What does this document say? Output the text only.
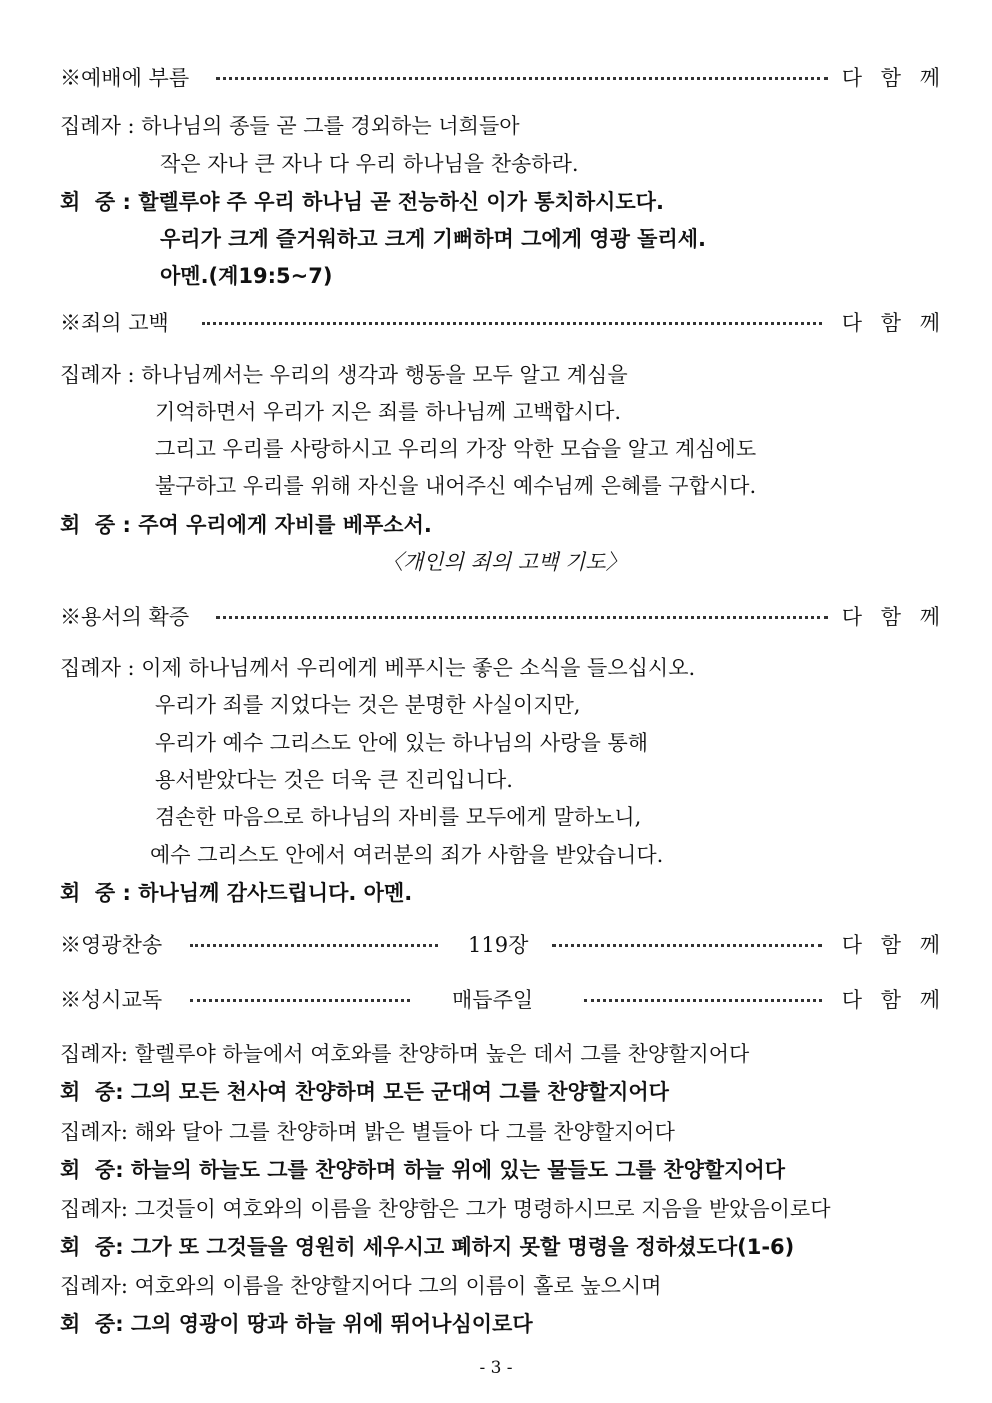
※예배에 부름	다 함 께
집례자 : 하나님의 종들 곧 그를 경외하는 너희들아
작은 자나 큰 자나 다 우리 하나님을 찬송하라.
회  중 : 할렐루야 주 우리 하나님 곧 전능하신 이가 통치하시도다.
우리가 크게 즐거워하고 크게 기뻐하며 그에게 영광 돌리세.
아멘.(계19:5~7)
※죄의 고백	다 함 께
집례자 : 하나님께서는 우리의 생각과 행동을 모두 알고 계심을
기억하면서 우리가 지은 죄를 하나님께 고백합시다.
그리고 우리를 사랑하시고 우리의 가장 악한 모습을 알고 계심에도
불구하고 우리를 위해 자신을 내어주신 예수님께 은혜를 구합시다.
회  중 : 주여 우리에게 자비를 베푸소서.
〈개인의 죄의 고백 기도〉
※용서의 확증	다 함 께
집례자 : 이제 하나님께서 우리에게 베푸시는 좋은 소식을 들으십시오.
우리가 죄를 지었다는 것은 분명한 사실이지만,
우리가 예수 그리스도 안에 있는 하나님의 사랑을 통해
용서받았다는 것은 더욱 큰 진리입니다.
겸손한 마음으로 하나님의 자비를 모두에게 말하노니,
예수 그리스도 안에서 여러분의 죄가 사함을 받았습니다.
회  중 : 하나님께 감사드립니다. 아멘.
※영광찬송	119장	다 함 께
※성시교독	매듭주일	다 함 께
집례자: 할렐루야 하늘에서 여호와를 찬양하며 높은 데서 그를 찬양할지어다
회  중: 그의 모든 천사여 찬양하며 모든 군대여 그를 찬양할지어다
집례자: 해와 달아 그를 찬양하며 밝은 별들아 다 그를 찬양할지어다
회  중: 하늘의 하늘도 그를 찬양하며 하늘 위에 있는 물들도 그를 찬양할지어다
집례자: 그것들이 여호와의 이름을 찬양함은 그가 명령하시므로 지음을 받았음이로다
회  중: 그가 또 그것들을 영원히 세우시고 폐하지 못할 명령을 정하셨도다(1-6)
집례자: 여호와의 이름을 찬양할지어다 그의 이름이 홀로 높으시며
회  중: 그의 영광이 땅과 하늘 위에 뛰어나심이로다
- 3 -
